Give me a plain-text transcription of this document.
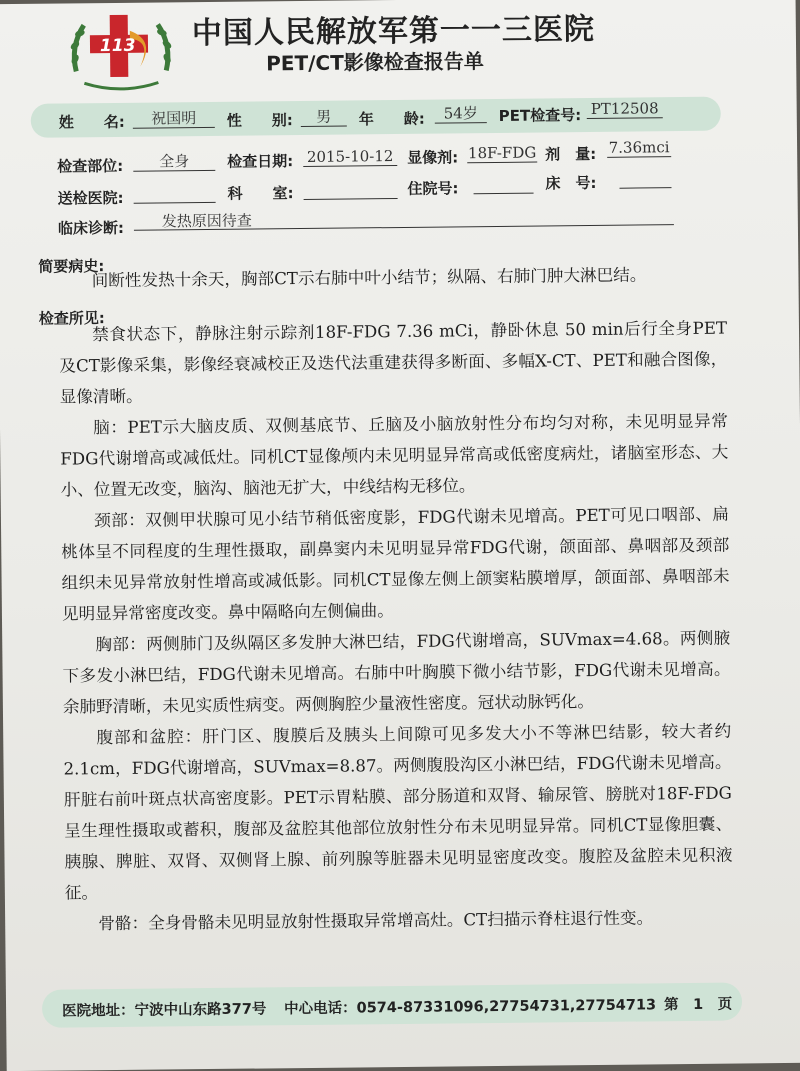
113 中国人民解放军第一一三医院
PET/CT影像检查报告单
姓　　名:	祝国明	性　　别:	男	年　　龄:	54岁	PET检查号: PT12508
检查部位:	全身	检查日期: 2015-10-12 显像剂: 18F-FDG 剂　量: 7.36mci
送检医院:	科　　室:	住院号:	床　号:
临床诊断:	发热原因待查
简要病史:

间断性发热十余天，胸部CT示右肺中叶小结节；纵隔、右肺门肿大淋巴结。

检查所见:

禁食状态下，静脉注射示踪剂18F-FDG 7.36 mCi，静卧休息 50 min后行全身PET及CT影像采集，影像经衰减校正及迭代法重建获得多断面、多幅X-CT、PET和融合图像，显像清晰。

脑：PET示大脑皮质、双侧基底节、丘脑及小脑放射性分布均匀对称，未见明显异常FDG代谢增高或减低灶。同机CT显像颅内未见明显异常高或低密度病灶，诸脑室形态、大小、位置无改变，脑沟、脑池无扩大，中线结构无移位。

颈部：双侧甲状腺可见小结节稍低密度影，FDG代谢未见增高。PET可见口咽部、扁桃体呈不同程度的生理性摄取，副鼻窦内未见明显异常FDG代谢，颌面部、鼻咽部及颈部组织未见异常放射性增高或减低影。同机CT显像左侧上颌窦粘膜增厚，颌面部、鼻咽部未见明显异常密度改变。鼻中隔略向左侧偏曲。

胸部：两侧肺门及纵隔区多发肿大淋巴结，FDG代谢增高，SUVmax=4.68。两侧腋下多发小淋巴结，FDG代谢未见增高。右肺中叶胸膜下微小结节影，FDG代谢未见增高。余肺野清晰，未见实质性病变。两侧胸腔少量液性密度。冠状动脉钙化。

腹部和盆腔：肝门区、腹膜后及胰头上间隙可见多发大小不等淋巴结影，较大者约2.1cm，FDG代谢增高，SUVmax=8.87。两侧腹股沟区小淋巴结，FDG代谢未见增高。肝脏右前叶斑点状高密度影。PET示胃粘膜、部分肠道和双肾、输尿管、膀胱对18F-FDG呈生理性摄取或蓄积，腹部及盆腔其他部位放射性分布未见明显异常。同机CT显像胆囊、胰腺、脾脏、双肾、双侧肾上腺、前列腺等脏器未见明显密度改变。腹腔及盆腔未见积液征。

骨骼：全身骨骼未见明显放射性摄取异常增高灶。CT扫描示脊柱退行性变。

医院地址：宁波中山东路377号 中心电话：0574-87331096,27754731,27754713 第　1　页
